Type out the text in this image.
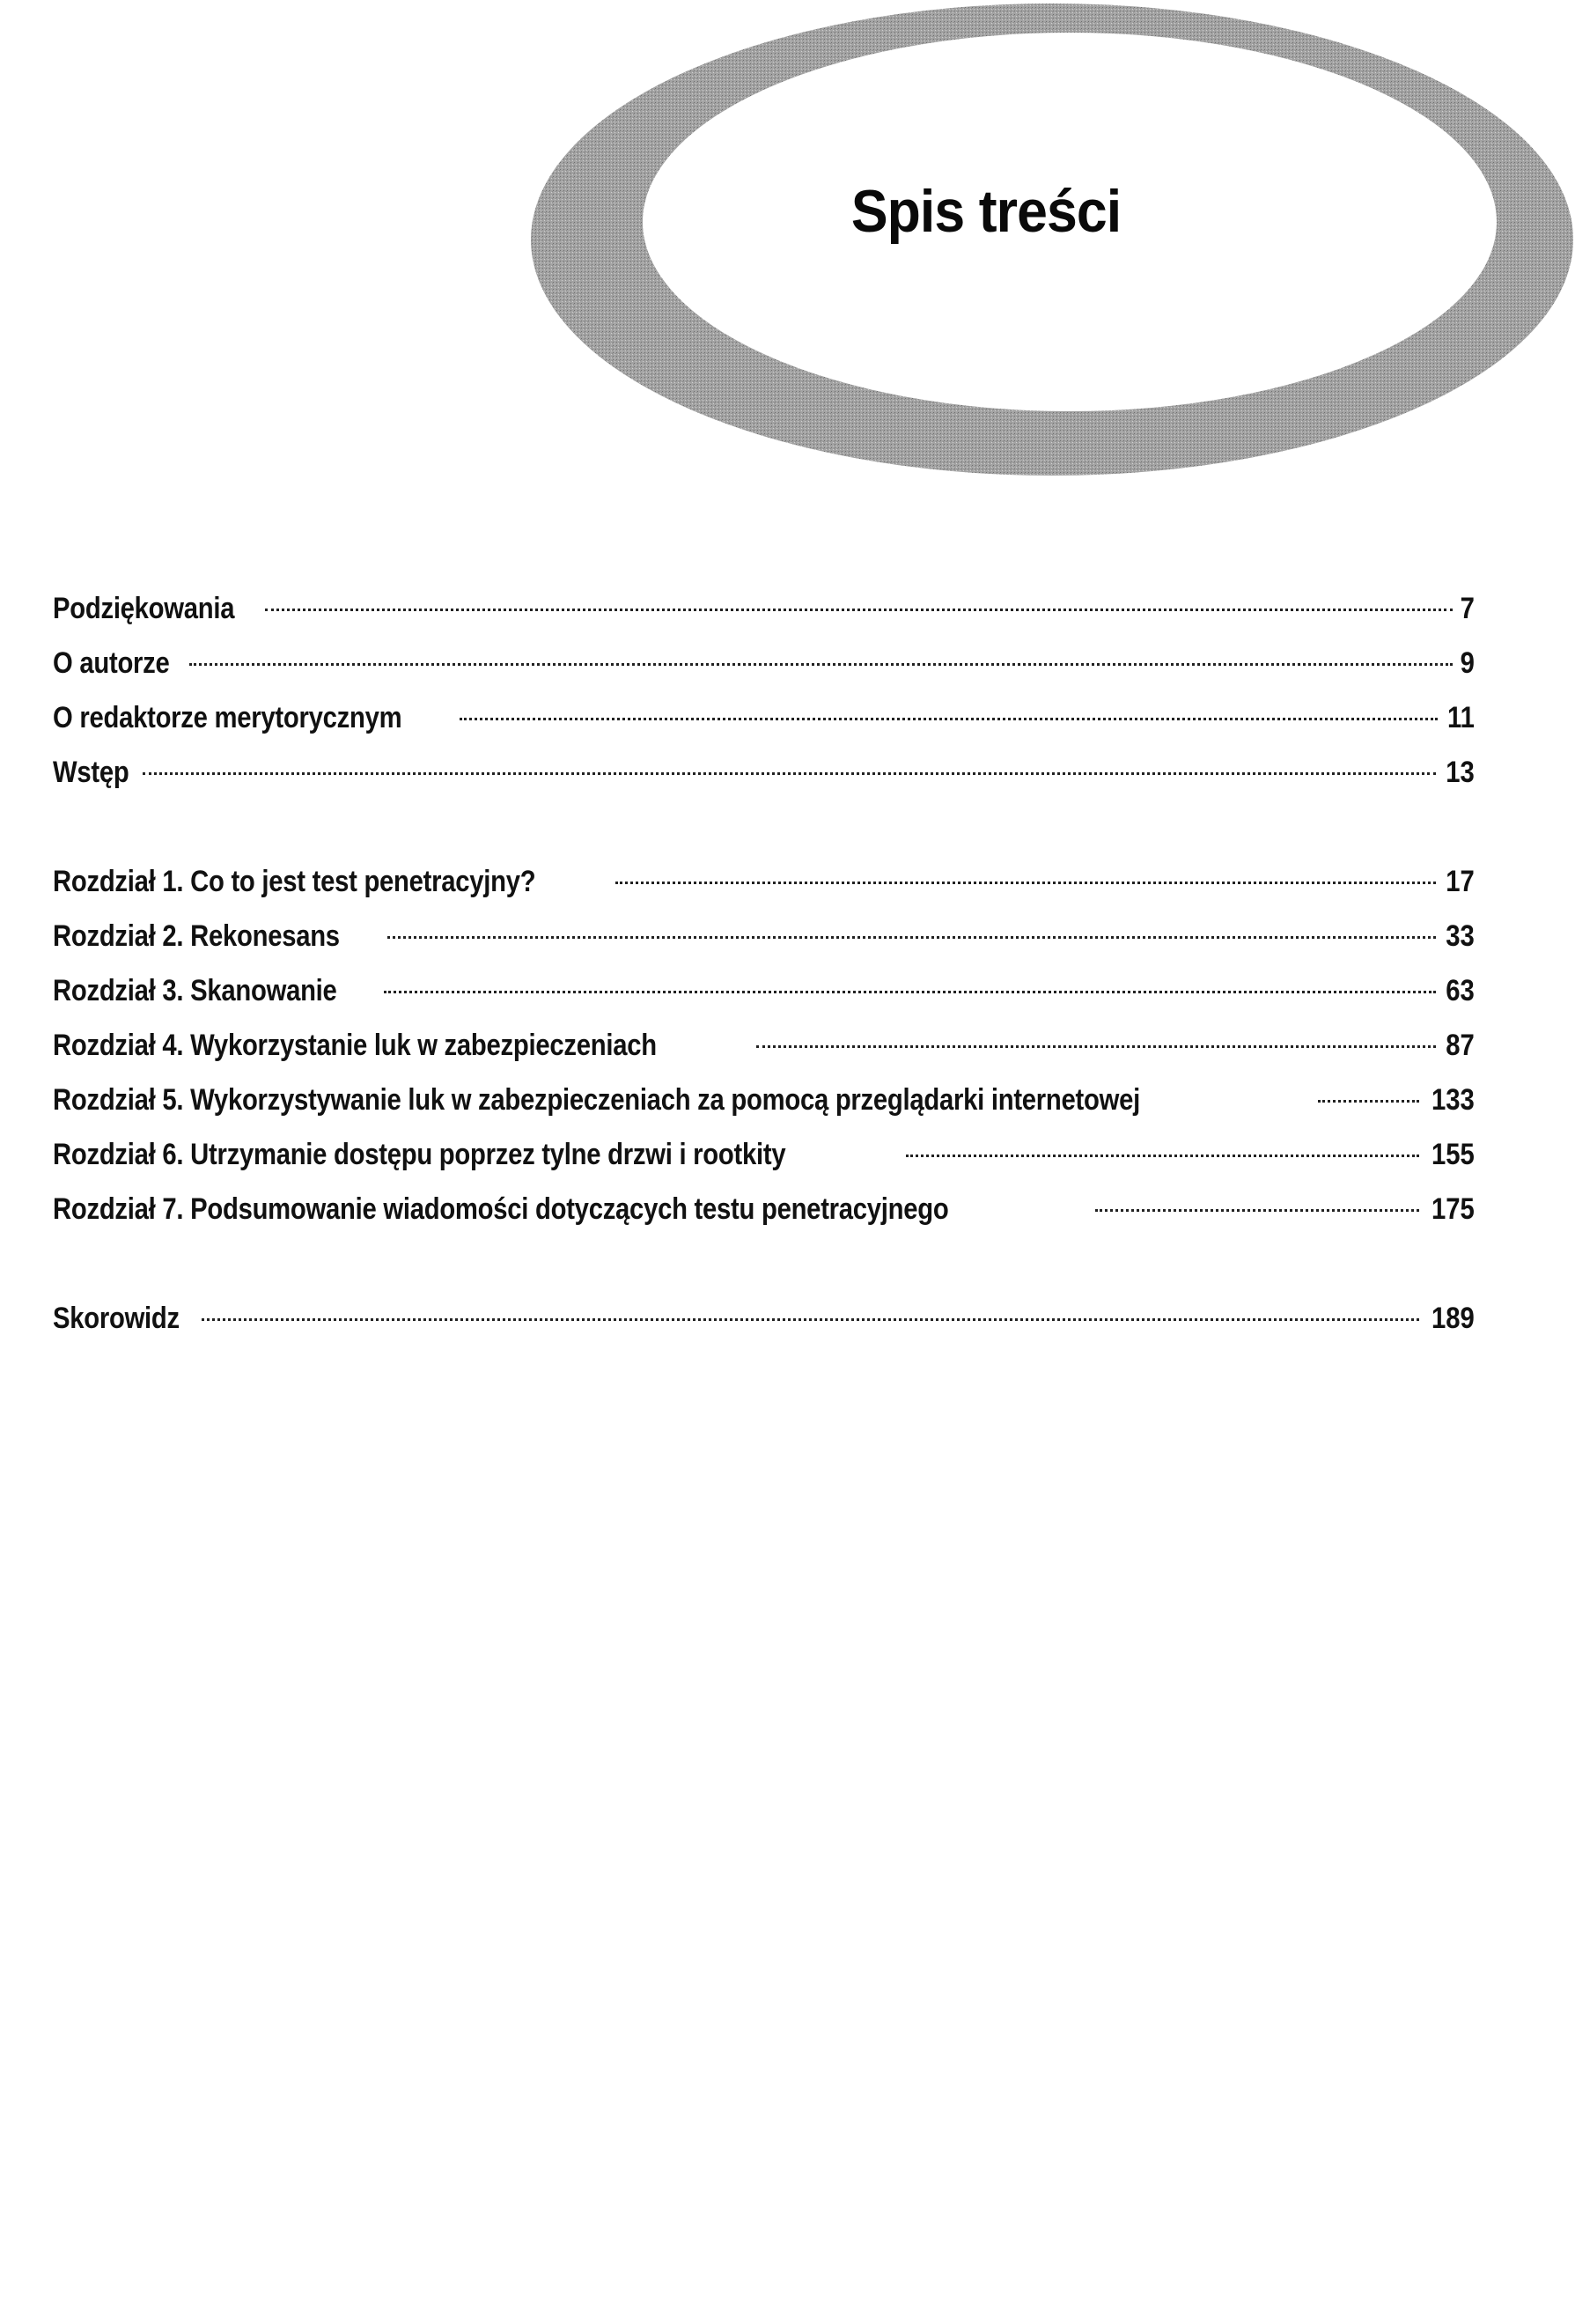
Spis treści
Podziękowania	7
O autorze	9
O redaktorze merytorycznym	11
Wstęp	13
Rozdział 1. Co to jest test penetracyjny?	17
Rozdział 2. Rekonesans	33
Rozdział 3. Skanowanie	63
Rozdział 4. Wykorzystanie luk w zabezpieczeniach	87
Rozdział 5. Wykorzystywanie luk w zabezpieczeniach za pomocą przeglądarki internetowej	133
Rozdział 6. Utrzymanie dostępu poprzez tylne drzwi i rootkity	155
Rozdział 7. Podsumowanie wiadomości dotyczących testu penetracyjnego	175
Skorowidz	189
